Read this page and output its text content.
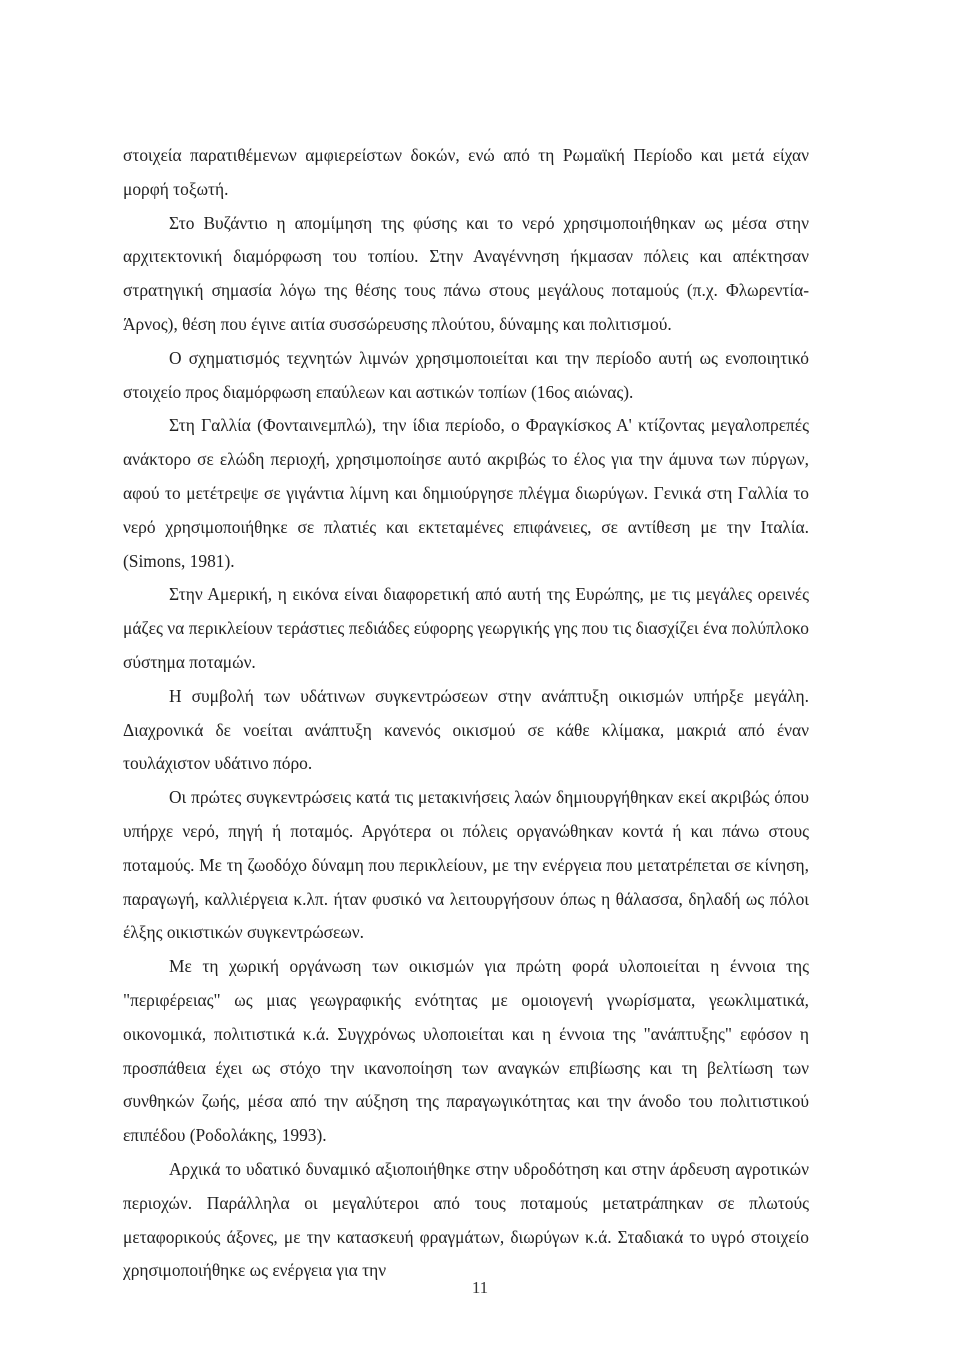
στοιχεία παρατιθέμενων αμφιερείστων δοκών, ενώ από τη Ρωμαϊκή Περίοδο και μετά είχαν μορφή τοξωτή.

Στο Βυζάντιο η απομίμηση της φύσης και το νερό χρησιμοποιήθηκαν ως μέσα στην αρχιτεκτονική διαμόρφωση του τοπίου. Στην Αναγέννηση ήκμασαν πόλεις και απέκτησαν στρατηγική σημασία λόγω της θέσης τους πάνω στους μεγάλους ποταμούς (π.χ. Φλωρεντία-Άρνος), θέση που έγινε αιτία συσσώρευσης πλούτου, δύναμης και πολιτισμού.

Ο σχηματισμός τεχνητών λιμνών χρησιμοποιείται και την περίοδο αυτή ως ενοποιητικό στοιχείο προς διαμόρφωση επαύλεων και αστικών τοπίων (16ος αιώνας).

Στη Γαλλία (Φονταινεμπλώ), την ίδια περίοδο, ο Φραγκίσκος Α' κτίζοντας μεγαλοπρεπές ανάκτορο σε ελώδη περιοχή, χρησιμοποίησε αυτό ακριβώς το έλος για την άμυνα των πύργων, αφού το μετέτρεψε σε γιγάντια λίμνη και δημιούργησε πλέγμα διωρύγων. Γενικά στη Γαλλία το νερό χρησιμοποιήθηκε σε πλατιές και εκτεταμένες επιφάνειες, σε αντίθεση με την Ιταλία. (Simons, 1981).

Στην Αμερική, η εικόνα είναι διαφορετική από αυτή της Ευρώπης, με τις μεγάλες ορεινές μάζες να περικλείουν τεράστιες πεδιάδες εύφορης γεωργικής γης που τις διασχίζει ένα πολύπλοκο σύστημα ποταμών.

Η συμβολή των υδάτινων συγκεντρώσεων στην ανάπτυξη οικισμών υπήρξε μεγάλη. Διαχρονικά δε νοείται ανάπτυξη κανενός οικισμού σε κάθε κλίμακα, μακριά από έναν τουλάχιστον υδάτινο πόρο.

Οι πρώτες συγκεντρώσεις κατά τις μετακινήσεις λαών δημιουργήθηκαν εκεί ακριβώς όπου υπήρχε νερό, πηγή ή ποταμός. Αργότερα οι πόλεις οργανώθηκαν κοντά ή και πάνω στους ποταμούς. Με τη ζωοδόχο δύναμη που περικλείουν, με την ενέργεια που μετατρέπεται σε κίνηση, παραγωγή, καλλιέργεια κ.λπ. ήταν φυσικό να λειτουργήσουν όπως η θάλασσα, δηλαδή ως πόλοι έλξης οικιστικών συγκεντρώσεων.

Με τη χωρική οργάνωση των οικισμών για πρώτη φορά υλοποιείται η έννοια της "περιφέρειας" ως μιας γεωγραφικής ενότητας με ομοιογενή γνωρίσματα, γεωκλιματικά, οικονομικά, πολιτιστικά κ.ά. Συγχρόνως υλοποιείται και η έννοια της "ανάπτυξης" εφόσον η προσπάθεια έχει ως στόχο την ικανοποίηση των αναγκών επιβίωσης και τη βελτίωση των συνθηκών ζωής, μέσα από την αύξηση της παραγωγικότητας και την άνοδο του πολιτιστικού επιπέδου (Ροδολάκης, 1993).

Αρχικά το υδατικό δυναμικό αξιοποιήθηκε στην υδροδότηση και στην άρδευση αγροτικών περιοχών. Παράλληλα οι μεγαλύτεροι από τους ποταμούς μετατράπηκαν σε πλωτούς μεταφορικούς άξονες, με την κατασκευή φραγμάτων, διωρύγων κ.ά. Σταδιακά το υγρό στοιχείο χρησιμοποιήθηκε ως ενέργεια για την

11
